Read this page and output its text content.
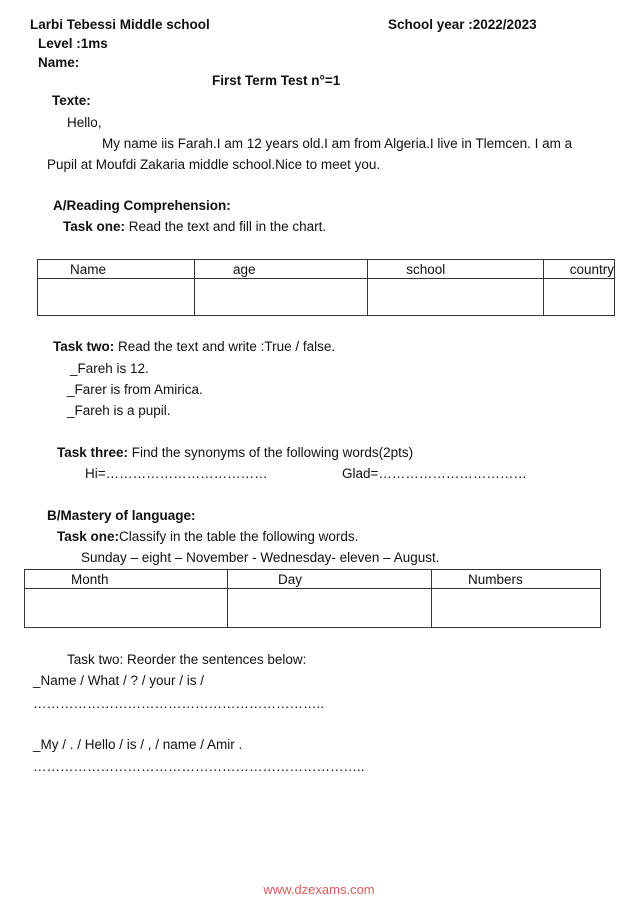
Larbi Tebessi Middle school	School year :2022/2023
Level :1ms
Name:
First Term Test n°=1
Texte:
Hello,
My name iis Farah.I am 12 years old.I am from Algeria.I live in Tlemcen. I am a
Pupil at Moufdi Zakaria middle school.Nice to meet you.
A/Reading Comprehension:
Task one: Read the text and fill in the chart.
Name	age	school	country

Task two: Read the text and write :True / false.
_Fareh is 12.
_Farer is from Amirica.
_Fareh is a pupil.
Task three: Find the synonyms of the following words(2pts)
Hi=………………………………	Glad=……………………………
B/Mastery of language:
Task one:Classify in the table the following words.
Sunday – eight – November - Wednesday- eleven – August.
Month	Day	Numbers

Task two: Reorder the sentences below:
_Name / What / ? / your / is /
………………………………………………………..
_My / . / Hello / is / , / name / Amir .
………………………………………………………………..
www.dzexams.com
